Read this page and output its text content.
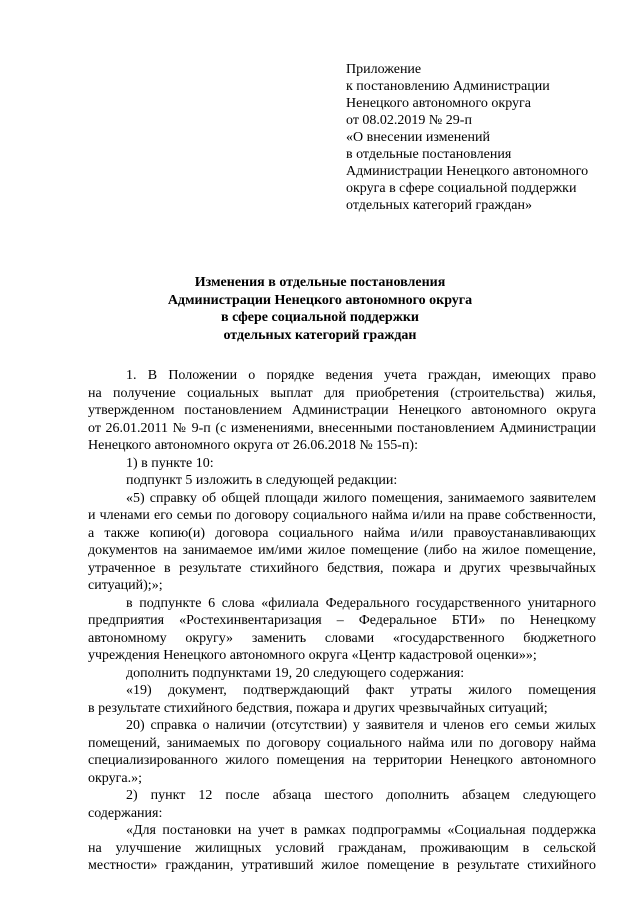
Приложение
к постановлению Администрации
Ненецкого автономного округа
от 08.02.2019 № 29-п
«О внесении изменений
в отдельные постановления
Администрации Ненецкого автономного
округа в сфере социальной поддержки
отдельных категорий граждан»
Изменения в отдельные постановления
Администрации Ненецкого автономного округа
в сфере социальной поддержки
отдельных категорий граждан
1. В Положении о порядке ведения учета граждан, имеющих право
на получение социальных выплат для приобретения (строительства) жилья,
утвержденном постановлением Администрации Ненецкого автономного округа
от 26.01.2011 № 9-п (с изменениями, внесенными постановлением Администрации
Ненецкого автономного округа от 26.06.2018 № 155-п):
1) в пункте 10:
подпункт 5 изложить в следующей редакции:
«5) справку об общей площади жилого помещения, занимаемого заявителем
и членами его семьи по договору социального найма и/или на праве собственности,
а также копию(и) договора социального найма и/или правоустанавливающих
документов на занимаемое им/ими жилое помещение (либо на жилое помещение,
утраченное в результате стихийного бедствия, пожара и других чрезвычайных
ситуаций);»;
в подпункте 6 слова «филиала Федерального государственного унитарного
предприятия «Ростехинвентаризация – Федеральное БТИ» по Ненецкому
автономному округу» заменить словами «государственного бюджетного
учреждения Ненецкого автономного округа «Центр кадастровой оценки»»;
дополнить подпунктами 19, 20 следующего содержания:
«19) документ, подтверждающий факт утраты жилого помещения
в результате стихийного бедствия, пожара и других чрезвычайных ситуаций;
20) справка о наличии (отсутствии) у заявителя и членов его семьи жилых
помещений, занимаемых по договору социального найма или по договору найма
специализированного жилого помещения на территории Ненецкого автономного
округа.»;
2) пункт 12 после абзаца шестого дополнить абзацем следующего
содержания:
«Для постановки на учет в рамках подпрограммы «Социальная поддержка
на улучшение жилищных условий гражданам, проживающим в сельской
местности» гражданин, утративший жилое помещение в результате стихийного
